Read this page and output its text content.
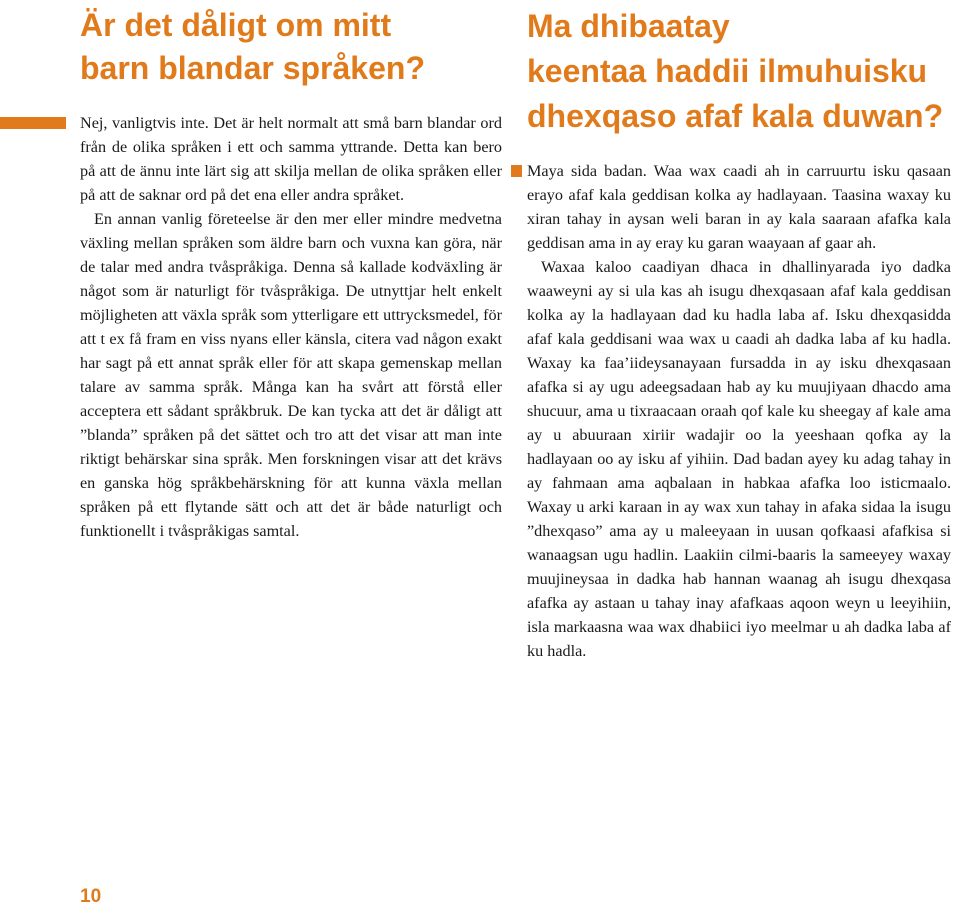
Är det dåligt om mitt
barn blandar språken?

Nej, vanligtvis inte. Det är helt normalt att små barn blandar ord från de olika språken i ett och samma yttrande. Detta kan bero på att de ännu inte lärt sig att skilja mellan de olika språken eller på att de saknar ord på det ena eller andra språket.

En annan vanlig företeelse är den mer eller mindre medvetna växling mellan språken som äldre barn och vuxna kan göra, när de talar med andra tvåspråkiga. Denna så kallade kodväxling är något som är naturligt för tvåspråkiga. De utnyttjar helt enkelt möjligheten att växla språk som ytterligare ett uttrycksmedel, för att t ex få fram en viss nyans eller känsla, citera vad någon exakt har sagt på ett annat språk eller för att skapa gemenskap mellan talare av samma språk. Många kan ha svårt att förstå eller acceptera ett sådant språkbruk. De kan tycka att det är dåligt att ”blanda” språken på det sättet och tro att det visar att man inte riktigt behärskar sina språk. Men forskningen visar att det krävs en ganska hög språkbehärskning för att kunna växla mellan språken på ett flytande sätt och att det är både naturligt och funktionellt i tvåspråkigas samtal.

Ma dhibaatay
keentaa haddii ilmuhuisku
dhexqaso afaf kala duwan?

Maya sida badan. Waa wax caadi ah in carruurtu isku qasaan erayo afaf kala geddisan kolka ay hadlayaan. Taasina waxay ku xiran tahay in aysan weli baran in ay kala saaraan afafka kala geddisan ama in ay eray ku garan waayaan af gaar ah.

Waxaa kaloo caadiyan dhaca in dhallinyarada iyo dadka waaweyni ay si ula kas ah isugu dhexqasaan afaf kala geddisan kolka ay la hadlayaan dad ku hadla laba af. Isku dhexqasidda afaf kala geddisani waa wax u caadi ah dadka laba af ku hadla. Waxay ka faa’iideysanayaan fursadda in ay isku dhexqasaan afafka si ay ugu adeegsadaan hab ay ku muujiyaan dhacdo ama shucuur, ama u tixraacaan oraah qof kale ku sheegay af kale ama ay u abuuraan xiriir wadajir oo la yeeshaan qofka ay la hadlayaan oo ay isku af yihiin. Dad badan ayey ku adag tahay in ay fahmaan ama aqbalaan in habkaa afafka loo isticmaalo. Waxay u arki karaan in ay wax xun tahay in afaka sidaa la isugu ”dhexqaso” ama ay u maleeyaan in uusan qofkaasi afafkisa si wanaagsan ugu hadlin. Laakiin cilmi-baaris la sameeyey waxay muujineysaa in dadka hab hannan waanag ah isugu dhexqasa afafka ay astaan u tahay inay afafkaas aqoon weyn u leeyihiin, isla markaasna waa wax dhabiici iyo meelmar u ah dadka laba af ku hadla.

10
